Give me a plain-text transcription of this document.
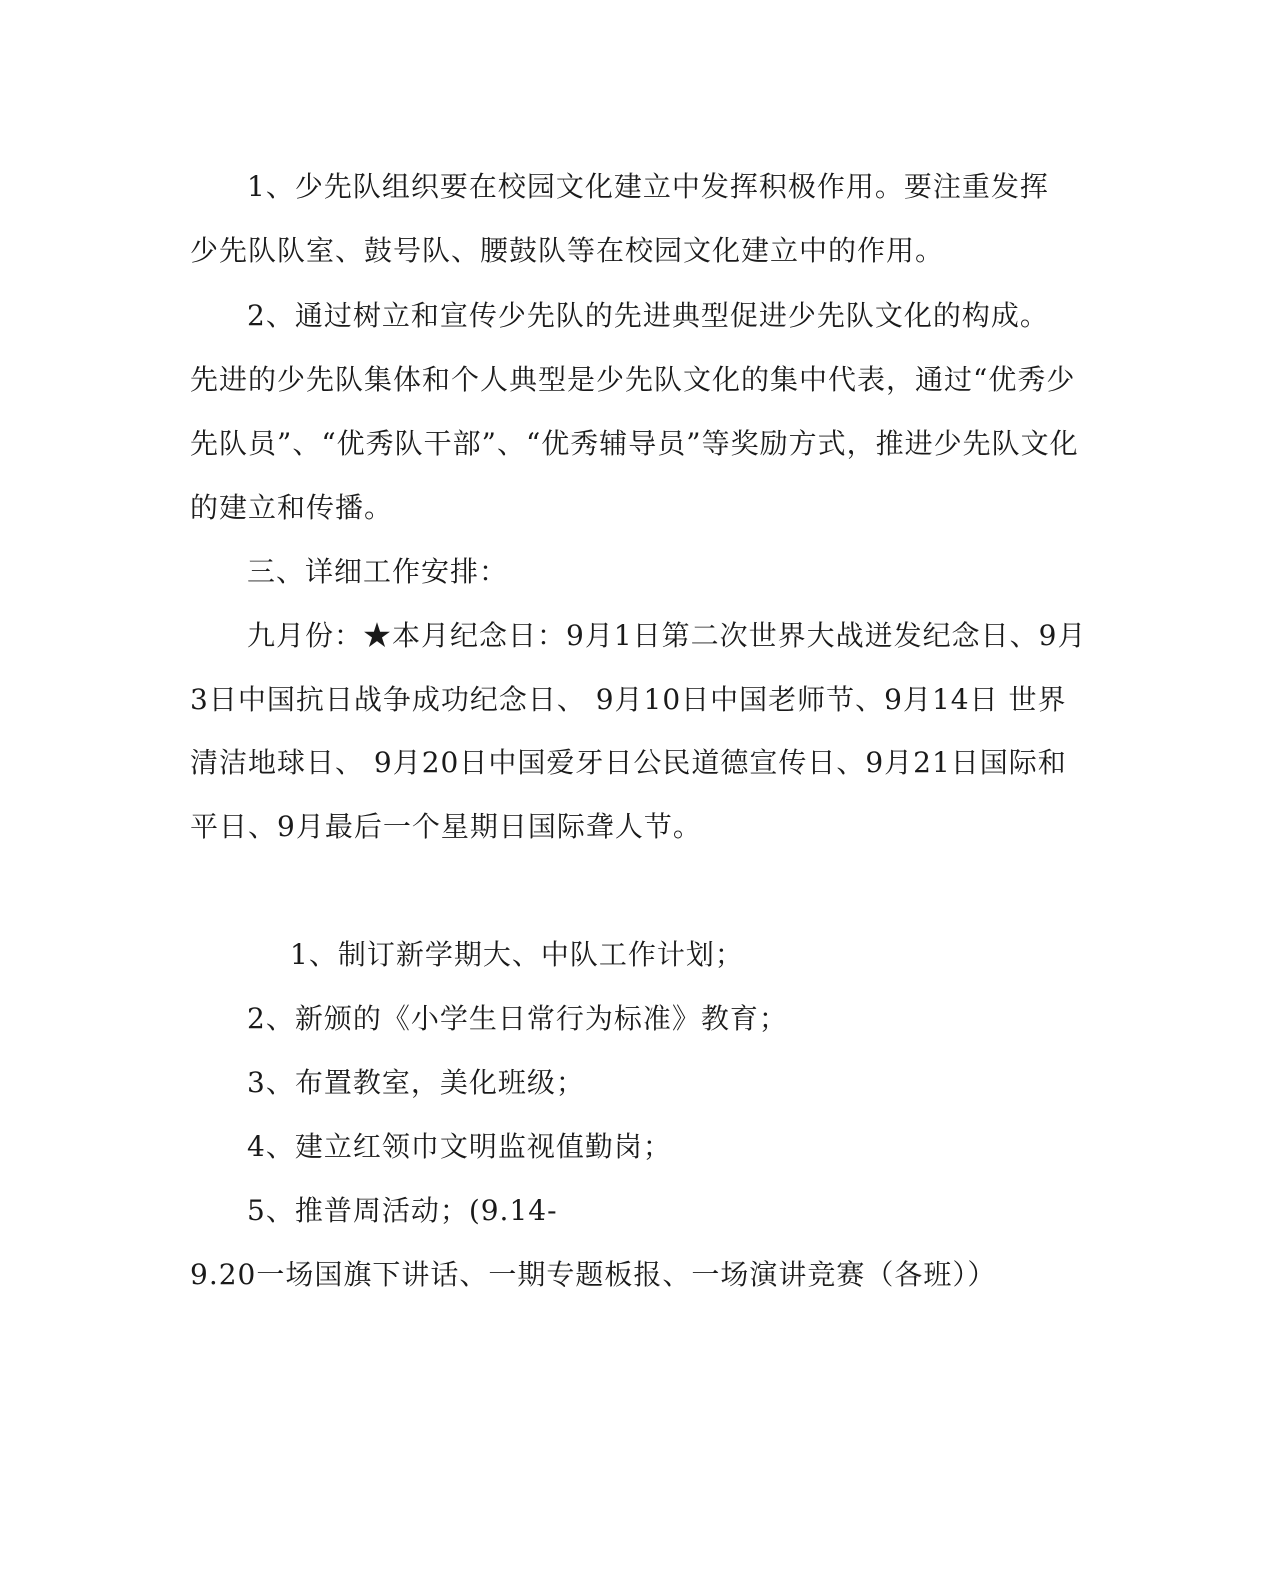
1、少先队组织要在校园文化建立中发挥积极作用。要注重发挥
少先队队室、鼓号队、腰鼓队等在校园文化建立中的作用。
2、通过树立和宣传少先队的先进典型促进少先队文化的构成。
先进的少先队集体和个人典型是少先队文化的集中代表，通过“优秀少
先队员”、“优秀队干部”、“优秀辅导员”等奖励方式，推进少先队文化
的建立和传播。
三、详细工作安排：
九月份：★本月纪念日：9月1日第二次世界大战迸发纪念日、9月
3日中国抗日战争成功纪念日、 9月10日中国老师节、9月14日 世界
清洁地球日、 9月20日中国爱牙日公民道德宣传日、9月21日国际和
平日、9月最后一个星期日国际聋人节。
1、制订新学期大、中队工作计划；
2、新颁的《小学生日常行为标准》教育；
3、布置教室，美化班级；
4、建立红领巾文明监视值勤岗；
5、推普周活动；(9.14-
9.20一场国旗下讲话、一期专题板报、一场演讲竞赛（各班））
